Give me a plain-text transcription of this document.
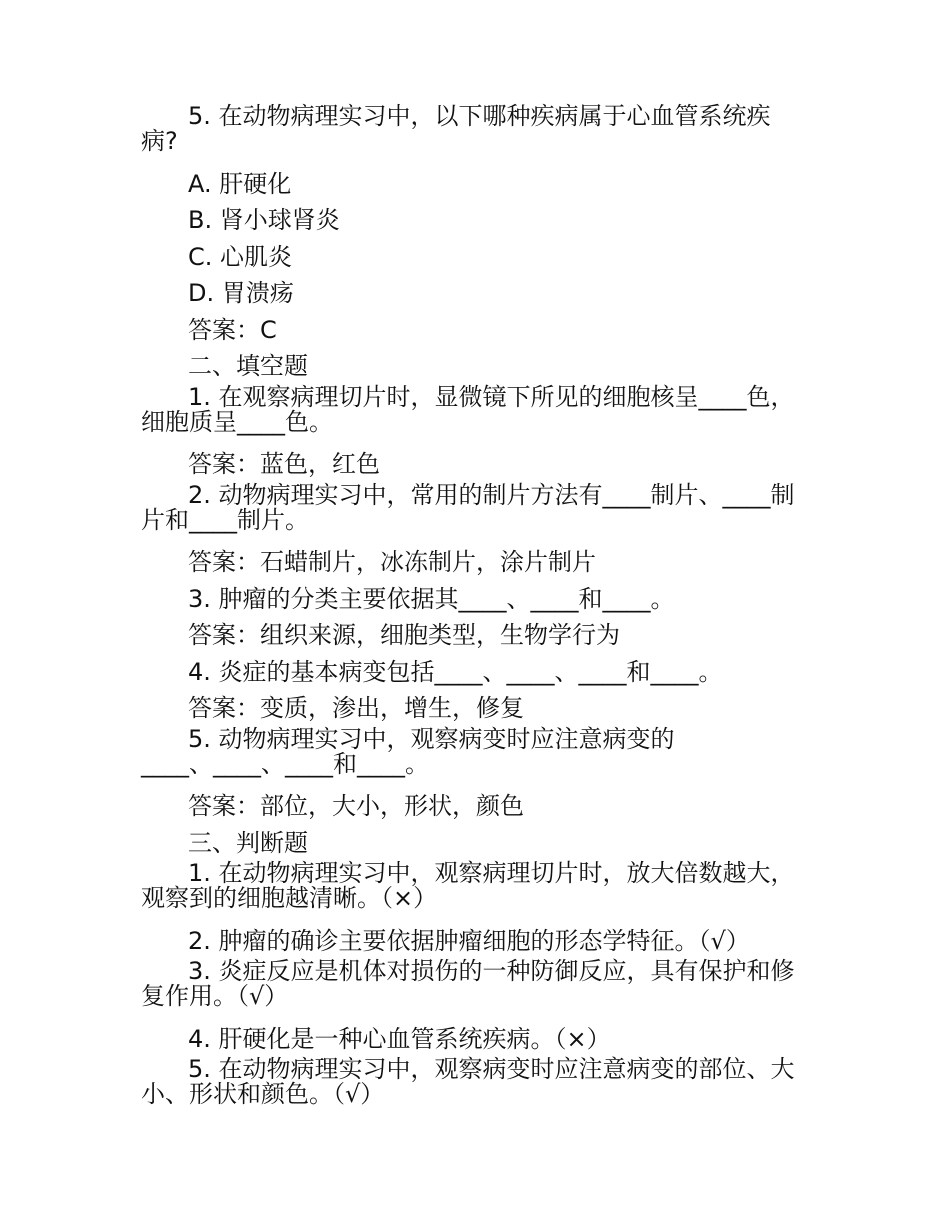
5. 在动物病理实习中，以下哪种疾病属于心血管系统疾
病?

A. 肝硬化

B. 肾小球肾炎

C. 心肌炎

D. 胃溃疡

答案：C

二、填空题

1. 在观察病理切片时，显微镜下所见的细胞核呈____色，
细胞质呈____色。

答案：蓝色，红色

2. 动物病理实习中，常用的制片方法有____制片、____制
片和____制片。

答案：石蜡制片，冰冻制片，涂片制片

3. 肿瘤的分类主要依据其____、____和____。

答案：组织来源，细胞类型，生物学行为

4. 炎症的基本病变包括____、____、____和____。

答案：变质，渗出，增生，修复

5. 动物病理实习中，观察病变时应注意病变的
____、____、____和____。

答案：部位，大小，形状，颜色

三、判断题

1. 在动物病理实习中，观察病理切片时，放大倍数越大，
观察到的细胞越清晰。（×）

2. 肿瘤的确诊主要依据肿瘤细胞的形态学特征。（√）

3. 炎症反应是机体对损伤的一种防御反应，具有保护和修
复作用。（√）

4. 肝硬化是一种心血管系统疾病。（×）

5. 在动物病理实习中，观察病变时应注意病变的部位、大
小、形状和颜色。（√）
